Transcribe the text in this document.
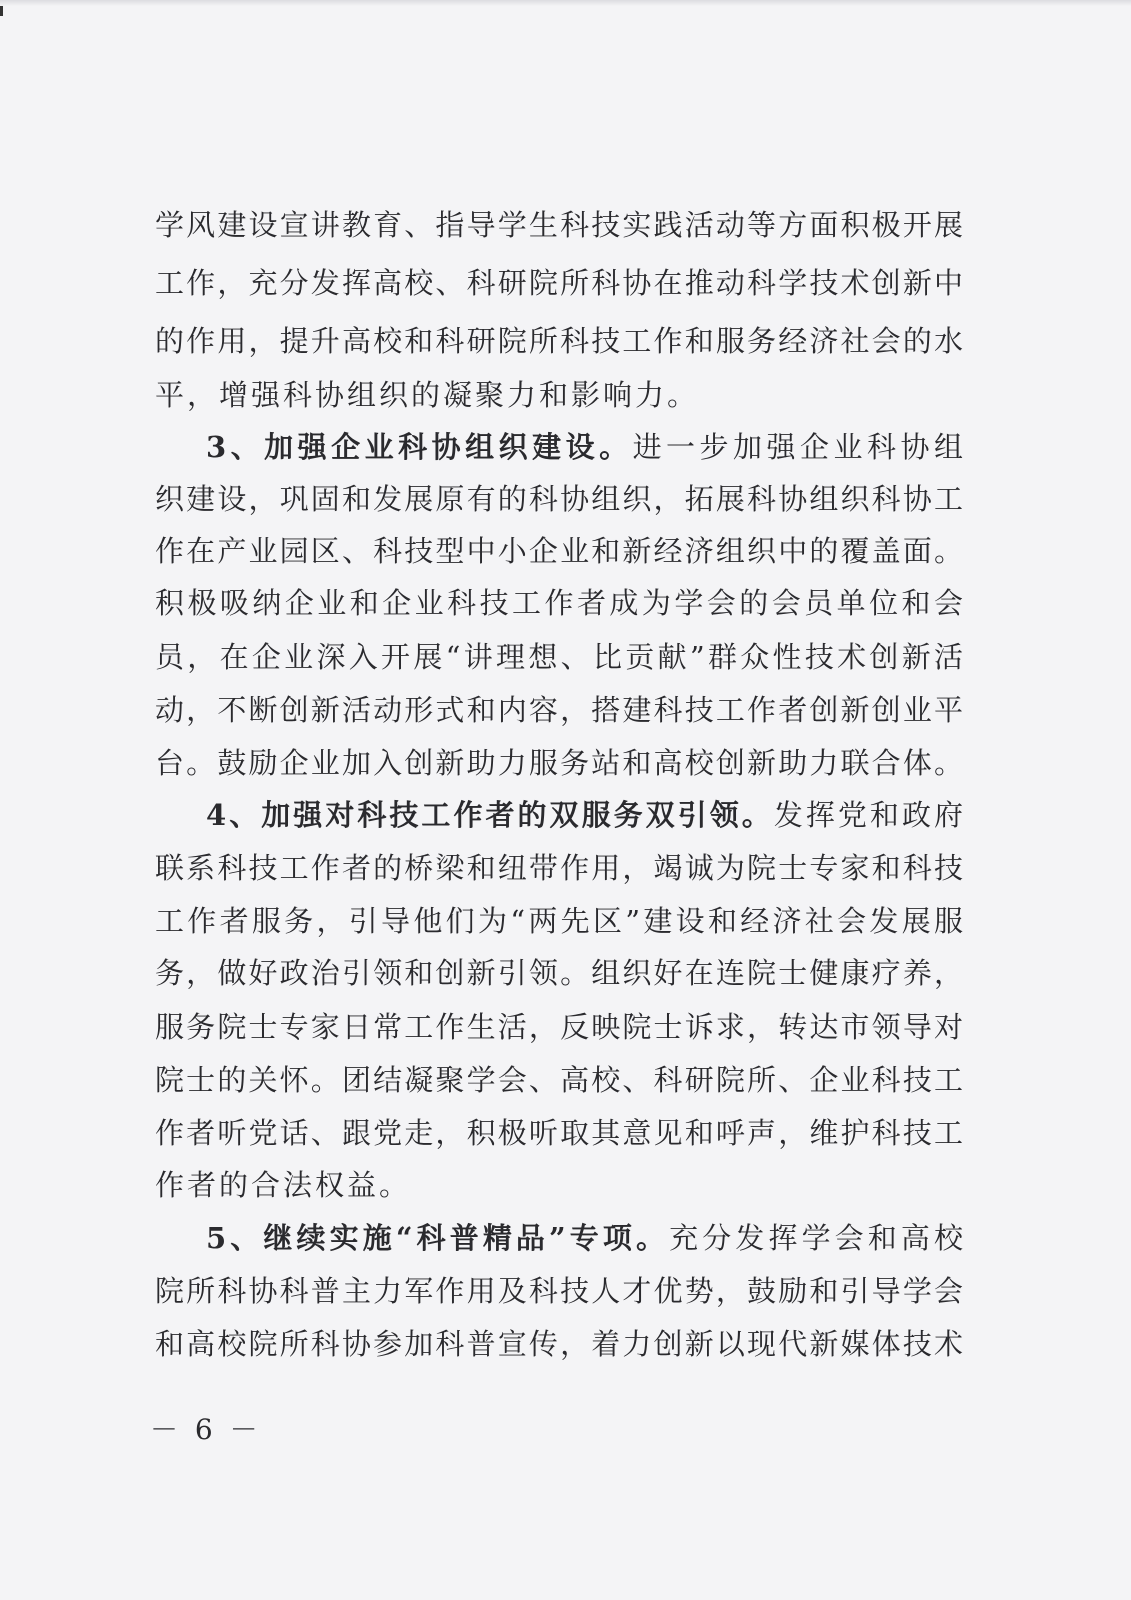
学风建设宣讲教育、指导学生科技实践活动等方面积极开展
工作，充分发挥高校、科研院所科协在推动科学技术创新中
的作用，提升高校和科研院所科技工作和服务经济社会的水
平，增强科协组织的凝聚力和影响力。
3、加强企业科协组织建设。进一步加强企业科协组
织建设，巩固和发展原有的科协组织，拓展科协组织科协工
作在产业园区、科技型中小企业和新经济组织中的覆盖面。
积极吸纳企业和企业科技工作者成为学会的会员单位和会
员，在企业深入开展“讲理想、比贡献”群众性技术创新活
动，不断创新活动形式和内容，搭建科技工作者创新创业平
台。鼓励企业加入创新助力服务站和高校创新助力联合体。
4、加强对科技工作者的双服务双引领。发挥党和政府
联系科技工作者的桥梁和纽带作用，竭诚为院士专家和科技
工作者服务，引导他们为“两先区”建设和经济社会发展服
务，做好政治引领和创新引领。组织好在连院士健康疗养，
服务院士专家日常工作生活，反映院士诉求，转达市领导对
院士的关怀。团结凝聚学会、高校、科研院所、企业科技工
作者听党话、跟党走，积极听取其意见和呼声，维护科技工
作者的合法权益。
5、继续实施“科普精品”专项。充分发挥学会和高校
院所科协科普主力军作用及科技人才优势，鼓励和引导学会
和高校院所科协参加科普宣传，着力创新以现代新媒体技术
－ 6 －
